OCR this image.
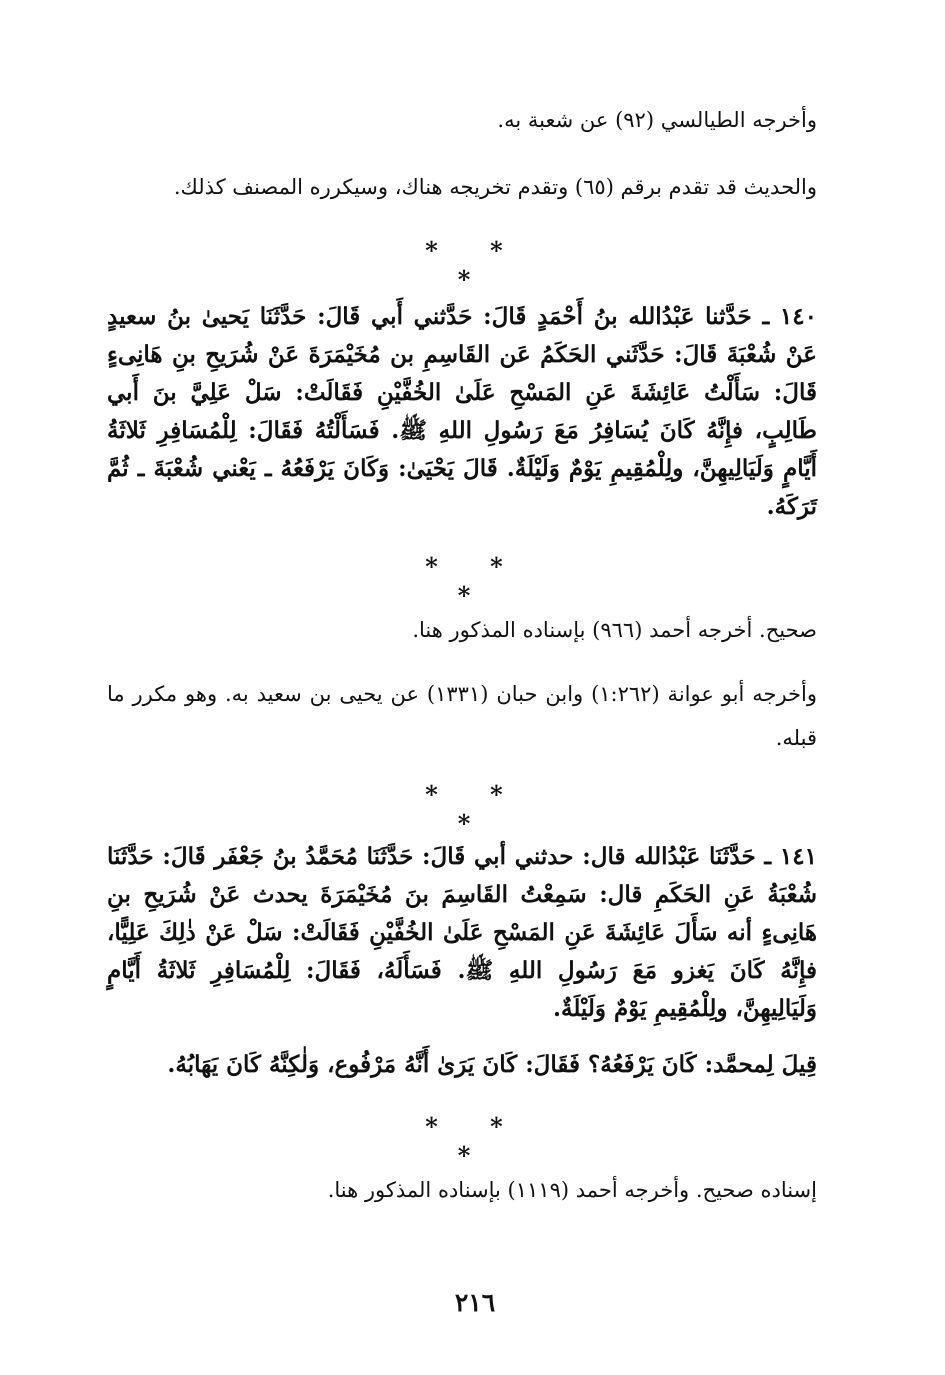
وأخرجه الطيالسي (٩٢) عن شعبة به.

والحديث قد تقدم برقم (٦٥) وتقدم تخريجه هناك، وسيكرره المصنف كذلك.

* * *

١٤٠ ـ حَدَّثنا عَبْدُالله بنُ أَحْمَدٍ قَالَ: حَدَّثني أَبي قَالَ: حَدَّثَنَا يَحيىٰ بنُ سعيدٍ عَنْ شُعْبَةَ قَالَ: حَدَّثَني الحَكَمُ عَن القَاسِمِ بن مُخَيْمَرَةَ عَنْ شُرَيحِ بنِ هَانِىءٍ قَالَ: سَأَلْتُ عَائِشَةَ عَنِ المَسْحِ عَلَىٰ الخُفَّيْنِ فَقَالَتْ: سَلْ عَلِيَّ بنَ أَبي طَالِبٍ، فإِنَّهُ كَانَ يُسَافِرُ مَعَ رَسُولِ اللهِ ﷺ. فَسَأَلْتُهُ فَقَالَ: لِلْمُسَافِرِ ثَلاثَةُ أَيَّامٍ وَلَيَالِيهِنَّ، ولِلْمُقِيمِ يَوْمٌ وَلَيْلَةٌ. قَالَ يَحْيَىٰ: وَكَانَ يَرْفَعُهُ ـ يَعْني شُعْبَةَ ـ ثُمَّ تَرَكَهُ.

* * *

صحيح. أخرجه أحمد (٩٦٦) بإسناده المذكور هنا.

وأخرجه أبو عوانة (١:٢٦٢) وابن حبان (١٣٣١) عن يحيى بن سعيد به. وهو مكرر ما قبله.

* * *

١٤١ ـ حَدَّثَنَا عَبْدُالله قال: حدثني أبي قَالَ: حَدَّثَنَا مُحَمَّدُ بنُ جَعْفَر قَالَ: حَدَّثَنَا شُعْبَةُ عَنِ الحَكَمِ قال: سَمِعْتُ القَاسِمَ بنَ مُخَيْمَرَةَ يحدث عَنْ شُرَيحِ بنِ هَانِىءٍ أنه سَأَلَ عَائِشَةَ عَنِ المَسْحِ عَلَىٰ الخُفَّيْنِ فَقَالَتْ: سَلْ عَنْ ذٰلِكَ عَلِيًّا، فإِنَّهُ كَانَ يَغزو مَعَ رَسُولِ اللهِ ﷺ. فَسَأَلَهُ، فَقَالَ: لِلْمُسَافِرِ ثَلاثَةُ أَيَّامٍ وَلَيَالِيهِنَّ، ولِلْمُقِيمِ يَوْمٌ وَلَيْلَةٌ.

قِيلَ لِمحمَّد: كَانَ يَرْفَعُهُ؟ فَقَالَ: كَانَ يَرَىٰ أَنَّهُ مَرْفُوع، وَلٰكِنَّهُ كَانَ يَهَابُهُ.

* * *

إسناده صحيح. وأخرجه أحمد (١١١٩) بإسناده المذكور هنا.

٢١٦
